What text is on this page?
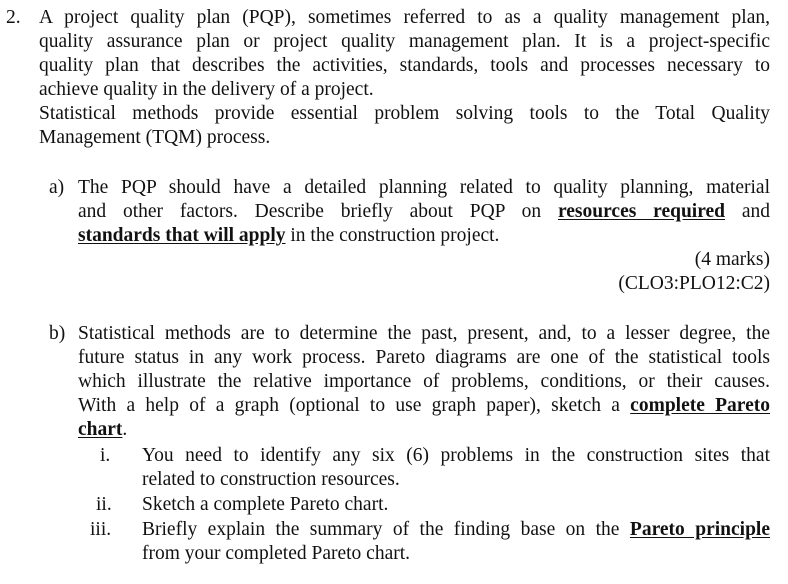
2. A project quality plan (PQP), sometimes referred to as a quality management plan,
quality assurance plan or project quality management plan. It is a project-specific
quality plan that describes the activities, standards, tools and processes necessary to
achieve quality in the delivery of a project.
Statistical methods provide essential problem solving tools to the Total Quality
Management (TQM) process.
a) The PQP should have a detailed planning related to quality planning, material
and other factors. Describe briefly about PQP on resources required and
standards that will apply in the construction project.
(4 marks)
(CLO3:PLO12:C2)
b) Statistical methods are to determine the past, present, and, to a lesser degree, the
future status in any work process. Pareto diagrams are one of the statistical tools
which illustrate the relative importance of problems, conditions, or their causes.
With a help of a graph (optional to use graph paper), sketch a complete Pareto
chart.
i. You need to identify any six (6) problems in the construction sites that
related to construction resources.
ii. Sketch a complete Pareto chart.
iii. Briefly explain the summary of the finding base on the Pareto principle
from your completed Pareto chart.
